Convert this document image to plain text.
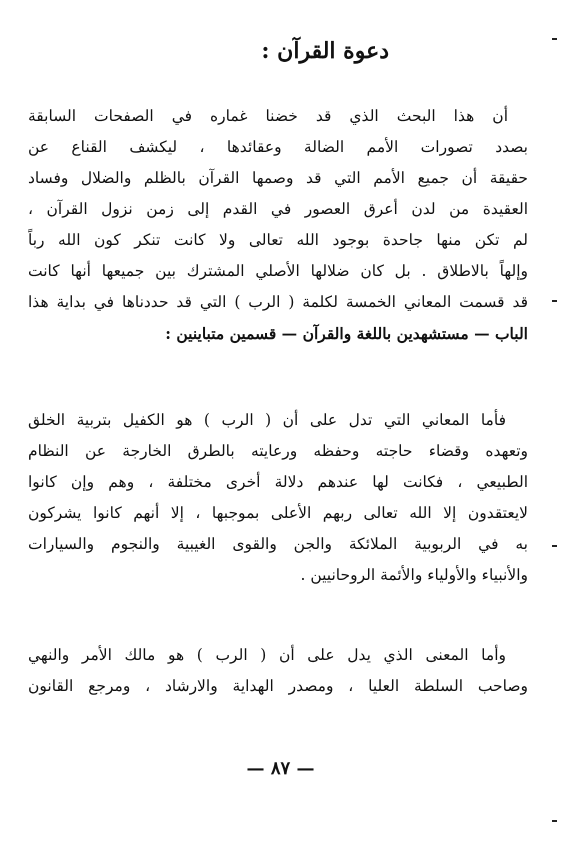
دعوة القرآن :
أن هذا البحث الذي قد خضنا غماره في الصفحات السابقة
بصدد تصورات الأمم الضالة وعقائدها ، ليكشف القناع عن
حقيقة أن جميع الأمم التي قد وصمها القرآن بالظلم والضلال وفساد
العقيدة من لدن أعرق العصور في القدم إلى زمن نزول القرآن ،
لم تكن منها جاحدة بوجود الله تعالى ولا كانت تنكر كون الله رباً
وإلهاً بالاطلاق . بل كان ضلالها الأصلي المشترك بين جميعها أنها كانت
قد قسمت المعاني الخمسة لكلمة ( الرب ) التي قد حددناها في بداية هذا
الباب — مستشهدين باللغة والقرآن — قسمين متباينين :
فأما المعاني التي تدل على أن ( الرب ) هو الكفيل بتربية الخلق
وتعهده وقضاء حاجته وحفظه ورعايته بالطرق الخارجة عن النظام
الطبيعي ، فكانت لها عندهم دلالة أخرى مختلفة ، وهم وإن كانوا
لايعتقدون إلا الله تعالى ربهم الأعلى بموجبها ، إلا أنهم كانوا يشركون
به في الربوبية الملائكة والجن والقوى الغيبية والنجوم والسيارات
والأنبياء والأولياء والأئمة الروحانيين .
وأما المعنى الذي يدل على أن ( الرب ) هو مالك الأمر والنهي
وصاحب السلطة العليا ، ومصدر الهداية والارشاد ، ومرجع القانون
— ٨٧ —
